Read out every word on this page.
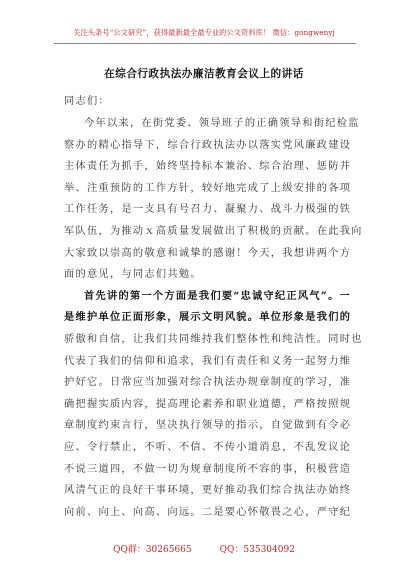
关注头条号“公文研究”，获得最新最全最专业的公文资料库！ 微信：gongwenyj
在综合行政执法办廉洁教育会议上的讲话
同志们：
今年以来，在街党委、领导班子的正确领导和街纪检监
察办的精心指导下，综合行政执法办以落实党风廉政建设
主体责任为抓手，始终坚持标本兼治、综合治理、惩防并
举、注重预防的工作方针，较好地完成了上级安排的各项
工作任务，是一支具有号召力、凝聚力、战斗力极强的铁
军队伍，为推动ｘ高质量发展做出了积极的贡献。在此我向
大家致以崇高的敬意和诚挚的感谢！今天，我想讲两个方
面的意见，与同志们共勉。
首先讲的第一个方面是我们要“忠诚守纪正风气”。一
是维护单位正面形象，展示文明风貌。单位形象是我们的
骄傲和自信，让我们共同维持我们整体性和纯洁性。同时也
代表了我们的信仰和追求，我们有责任和义务一起努力维
护好它。日常应当加强对综合执法办规章制度的学习，准
确把握实质内容，提高理论素养和职业道德，严格按照规
章制度约束言行，坚决执行领导的指示，自觉做到有令必
应、令行禁止，不听、不信、不传小道消息，不乱发议论
不说三道四，不做一切为规章制度所不容的事，积极营造
风清气正的良好干事环境，更好推动我们综合执法办始终
向前、向上、向高、向远。二是要心怀敬畏之心，严守纪
QQ群：30265665	QQ：535304092
